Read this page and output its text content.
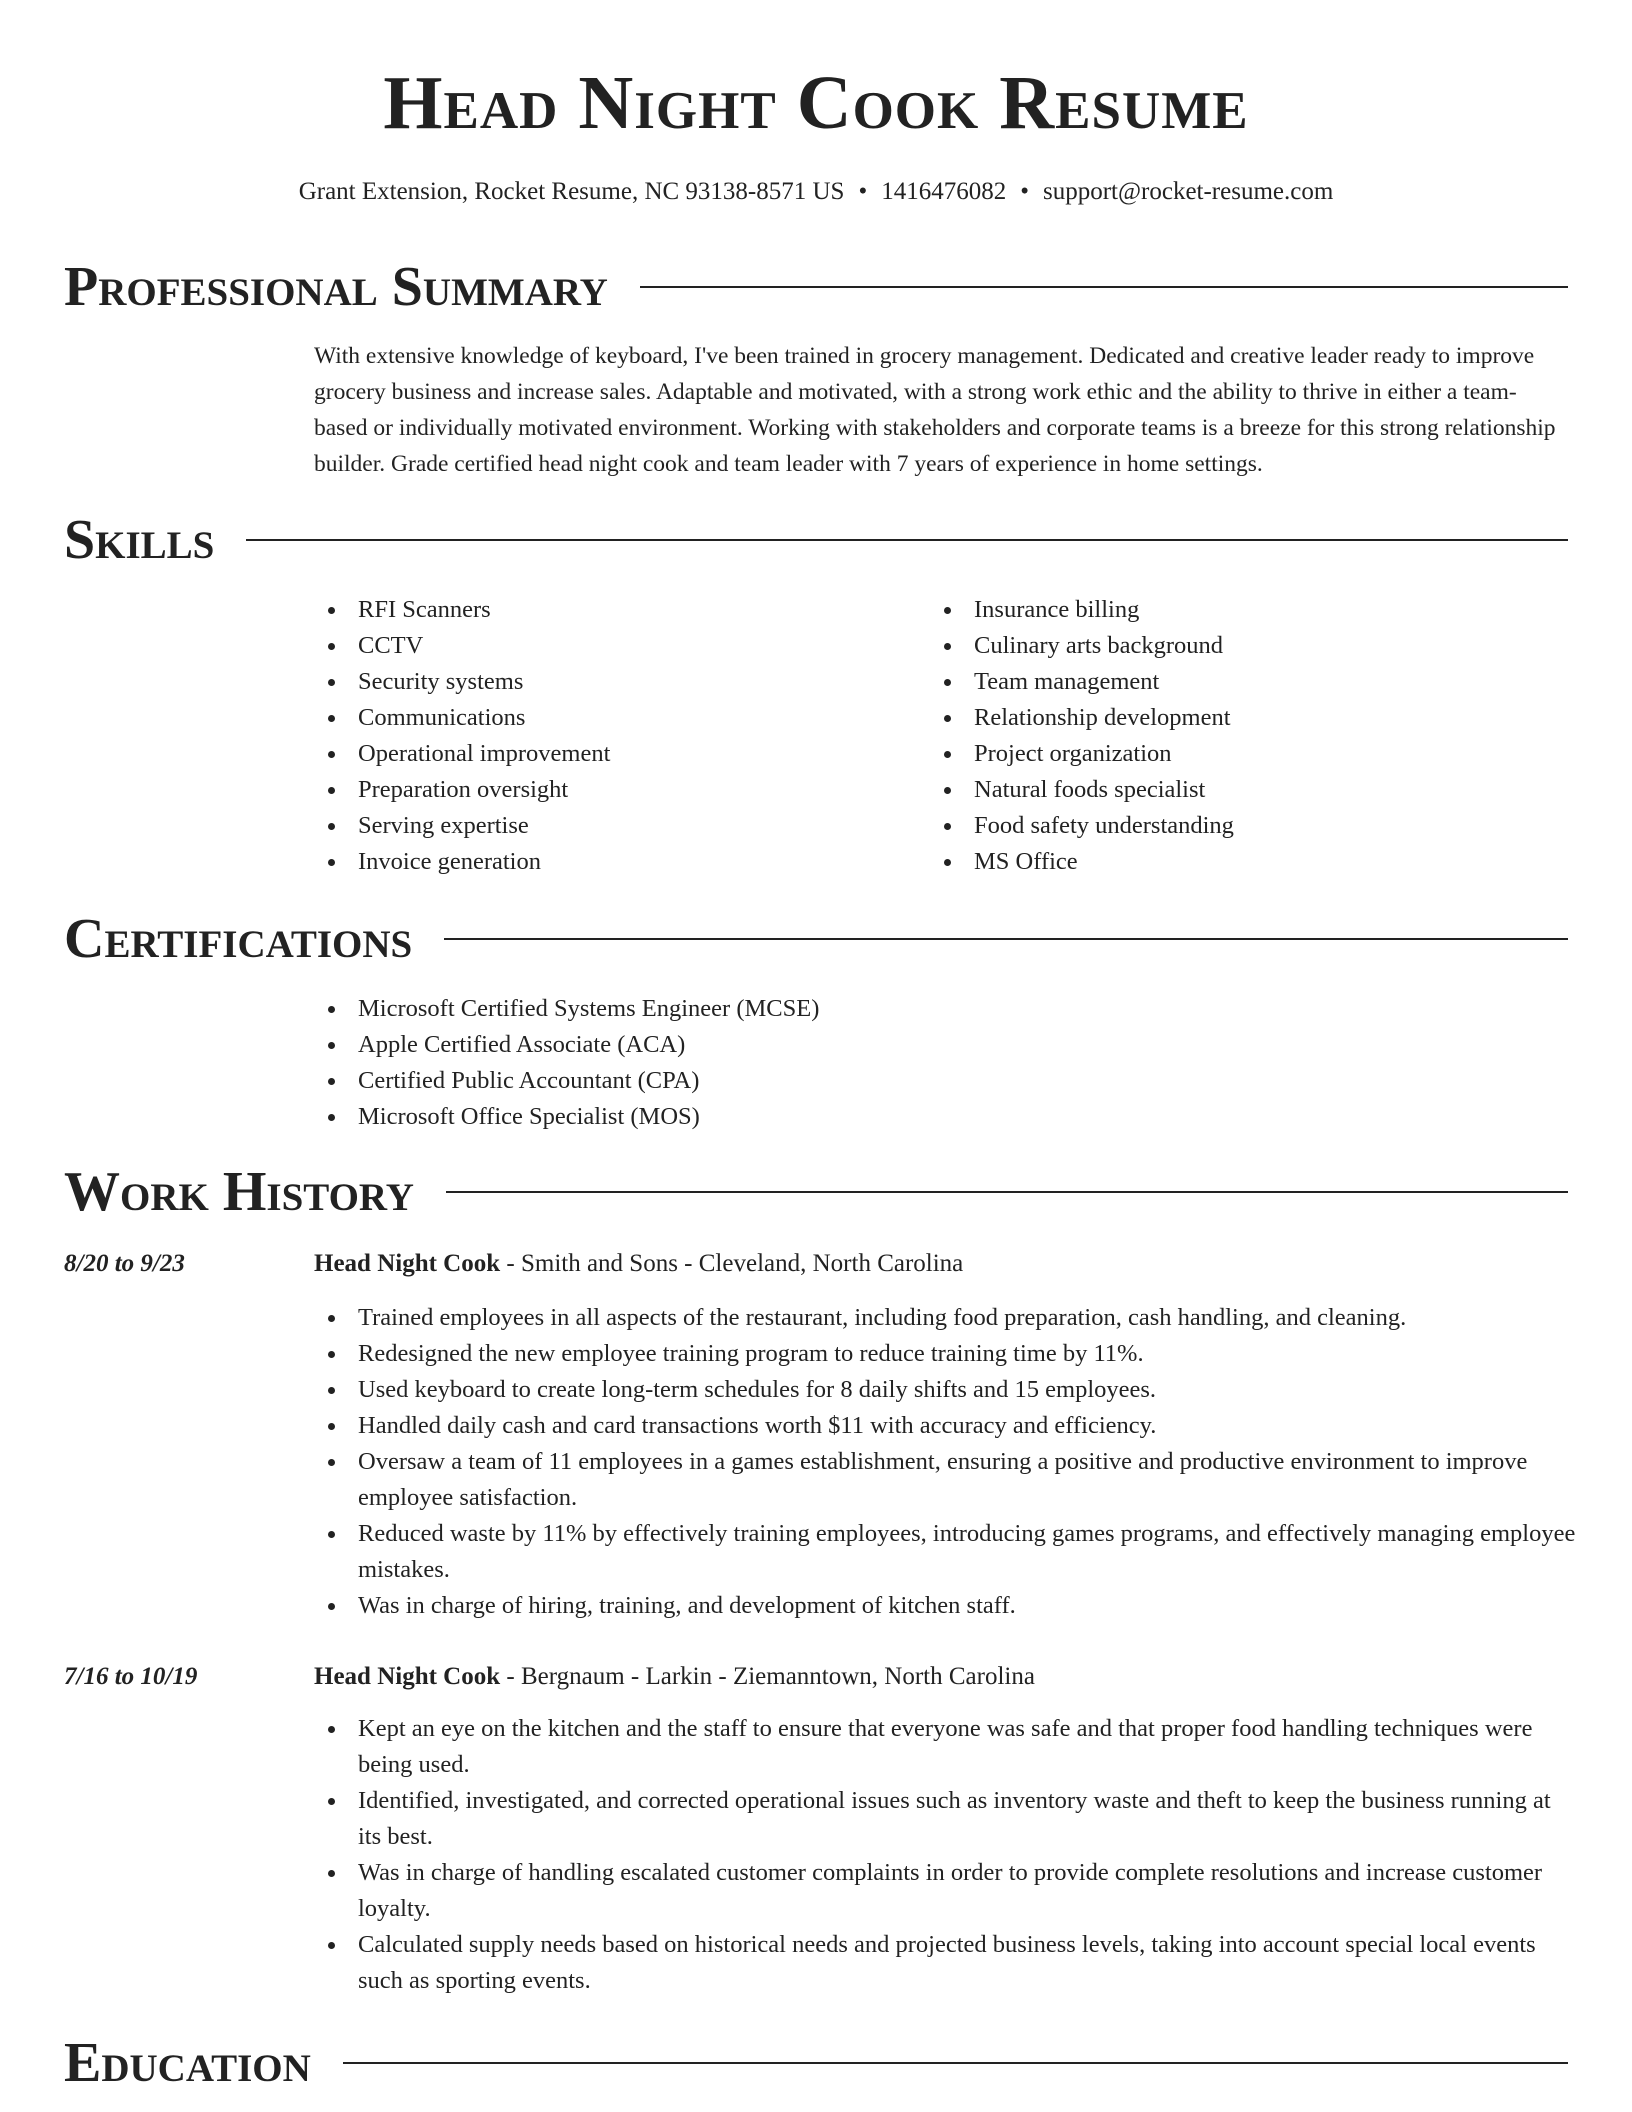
Head Night Cook Resume
Grant Extension, Rocket Resume, NC 93138-8571 US • 1416476082 • support@rocket-resume.com
Professional Summary

With extensive knowledge of keyboard, I've been trained in grocery management. Dedicated and creative leader ready to improve grocery business and increase sales. Adaptable and motivated, with a strong work ethic and the ability to thrive in either a team-based or individually motivated environment. Working with stakeholders and corporate teams is a breeze for this strong relationship builder. Grade certified head night cook and team leader with 7 years of experience in home settings.

Skills
RFI Scanners
CCTV
Security systems
Communications
Operational improvement
Preparation oversight
Serving expertise
Invoice generation
Insurance billing
Culinary arts background
Team management
Relationship development
Project organization
Natural foods specialist
Food safety understanding
MS Office
Certifications
Microsoft Certified Systems Engineer (MCSE)
Apple Certified Associate (ACA)
Certified Public Accountant (CPA)
Microsoft Office Specialist (MOS)
Work History
8/20 to 9/23	Head Night Cook - Smith and Sons - Cleveland, North Carolina
Trained employees in all aspects of the restaurant, including food preparation, cash handling, and cleaning.
Redesigned the new employee training program to reduce training time by 11%.
Used keyboard to create long-term schedules for 8 daily shifts and 15 employees.
Handled daily cash and card transactions worth $11 with accuracy and efficiency.
Oversaw a team of 11 employees in a games establishment, ensuring a positive and productive environment to improve employee satisfaction.
Reduced waste by 11% by effectively training employees, introducing games programs, and effectively managing employee mistakes.
Was in charge of hiring, training, and development of kitchen staff.
7/16 to 10/19	Head Night Cook - Bergnaum - Larkin - Ziemanntown, North Carolina
Kept an eye on the kitchen and the staff to ensure that everyone was safe and that proper food handling techniques were being used.
Identified, investigated, and corrected operational issues such as inventory waste and theft to keep the business running at its best.
Was in charge of handling escalated customer complaints in order to provide complete resolutions and increase customer loyalty.
Calculated supply needs based on historical needs and projected business levels, taking into account special local events such as sporting events.
Education
